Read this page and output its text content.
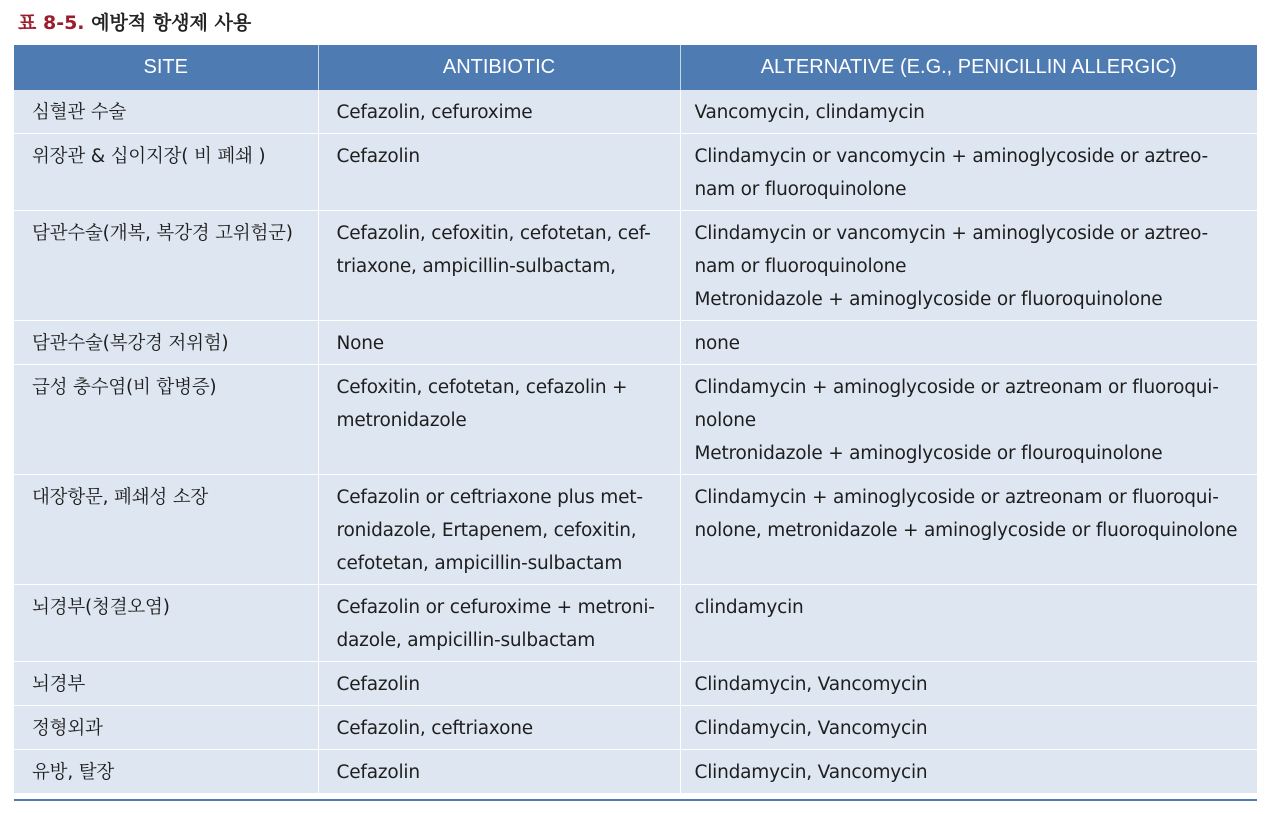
표 8-5. 예방적 항생제 사용
SITE	ANTIBIOTIC	ALTERNATIVE (E.G., PENICILLIN ALLERGIC)

심혈관 수술	Cefazolin, cefuroxime	Vancomycin, clindamycin

위장관 & 십이지장( 비 폐쇄 )	Cefazolin	Clindamycin or vancomycin + aminoglycoside or aztreo-
nam or fluoroquinolone

담관수술(개복, 복강경 고위험군)	Cefazolin, cefoxitin, cefotetan, cef-
triaxone, ampicillin-sulbactam,	Clindamycin or vancomycin + aminoglycoside or aztreo-
nam or fluoroquinolone
Metronidazole + aminoglycoside or fluoroquinolone

담관수술(복강경 저위험)	None	none

급성 충수염(비 합병증)	Cefoxitin, cefotetan, cefazolin +
metronidazole	Clindamycin + aminoglycoside or aztreonam or fluoroqui-
nolone
Metronidazole + aminoglycoside or flouroquinolone

대장항문, 폐쇄성 소장	Cefazolin or ceftriaxone plus met-
ronidazole, Ertapenem, cefoxitin,
cefotetan, ampicillin-sulbactam	Clindamycin + aminoglycoside or aztreonam or fluoroqui-
nolone, metronidazole + aminoglycoside or fluoroquinolone

뇌경부(청결오염)	Cefazolin or cefuroxime + metroni-
dazole, ampicillin-sulbactam	clindamycin

뇌경부	Cefazolin	Clindamycin, Vancomycin

정형외과	Cefazolin, ceftriaxone	Clindamycin, Vancomycin

유방, 탈장	Cefazolin	Clindamycin, Vancomycin
